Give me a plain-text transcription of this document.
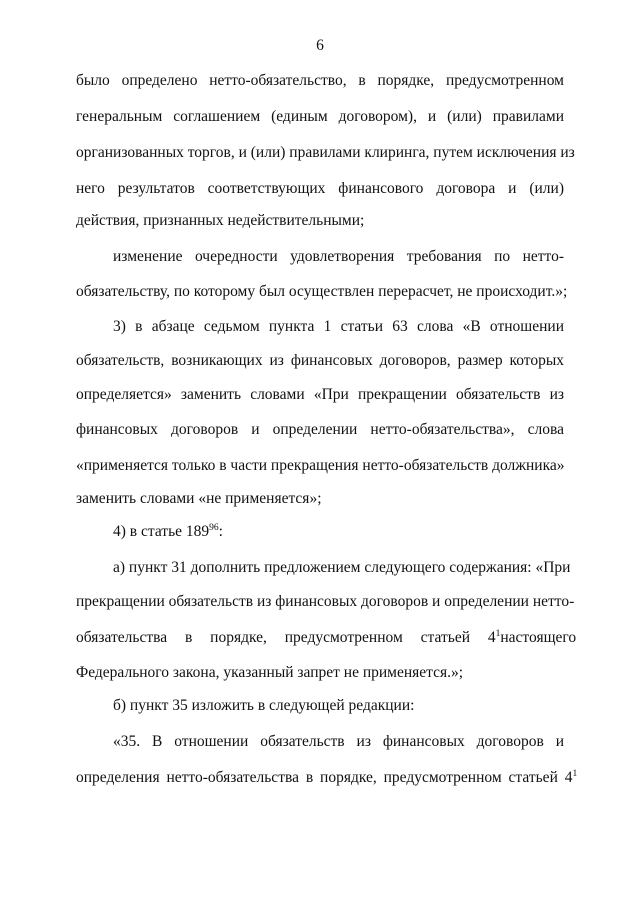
6
было определено нетто-обязательство, в порядке, предусмотренном
генеральным соглашением (единым договором), и (или) правилами
организованных торгов, и (или) правилами клиринга, путем исключения из
него результатов соответствующих финансового договора и (или)
действия, признанных недействительными;
изменение очередности удовлетворения требования по нетто-
обязательству, по которому был осуществлен перерасчет, не происходит.»;
3) в абзаце седьмом пункта 1 статьи 63 слова «В отношении
обязательств, возникающих из финансовых договоров, размер которых
определяется» заменить словами «При прекращении обязательств из
финансовых договоров и определении нетто-обязательства», слова
«применяется только в части прекращения нетто-обязательств должника»
заменить словами «не применяется»;
4) в статье $189^{96}$:
а) пункт 31 дополнить предложением следующего содержания: «При
прекращении обязательств из финансовых договоров и определении нетто-
обязательства в порядке, предусмотренном статьей $4^1$ настоящего
Федерального закона, указанный запрет не применяется.»;
б) пункт 35 изложить в следующей редакции:
«35. В отношении обязательств из финансовых договоров и
определения нетто-обязательства в порядке, предусмотренном статьей $4^1$
